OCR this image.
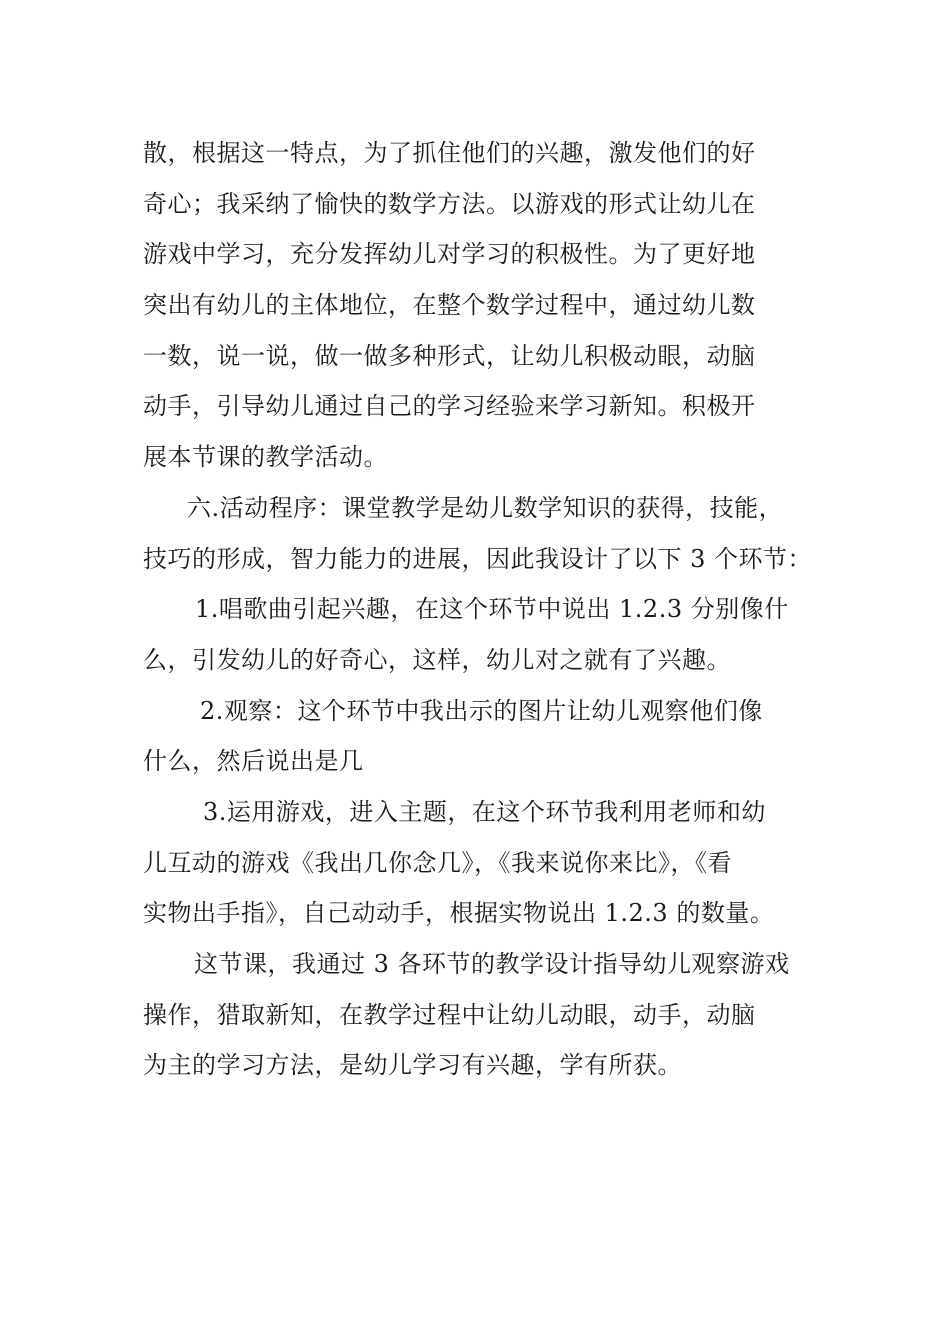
散，根据这一特点，为了抓住他们的兴趣，激发他们的好
奇心；我采纳了愉快的数学方法。以游戏的形式让幼儿在
游戏中学习，充分发挥幼儿对学习的积极性。为了更好地
突出有幼儿的主体地位，在整个数学过程中，通过幼儿数
一数，说一说，做一做多种形式，让幼儿积极动眼，动脑
动手，引导幼儿通过自己的学习经验来学习新知。积极开
展本节课的教学活动。
六.活动程序：课堂教学是幼儿数学知识的获得，技能，
技巧的形成，智力能力的进展，因此我设计了以下 3 个环节：
1.唱歌曲引起兴趣，在这个环节中说出 1.2.3 分别像什
么，引发幼儿的好奇心，这样，幼儿对之就有了兴趣。
2.观察：这个环节中我出示的图片让幼儿观察他们像
什么，然后说出是几
3.运用游戏，进入主题，在这个环节我利用老师和幼
儿互动的游戏《我出几你念几》，《我来说你来比》，《看
实物出手指》，自己动动手，根据实物说出 1.2.3 的数量。
这节课，我通过 3 各环节的教学设计指导幼儿观察游戏
操作，猎取新知，在教学过程中让幼儿动眼，动手，动脑
为主的学习方法，是幼儿学习有兴趣，学有所获。
